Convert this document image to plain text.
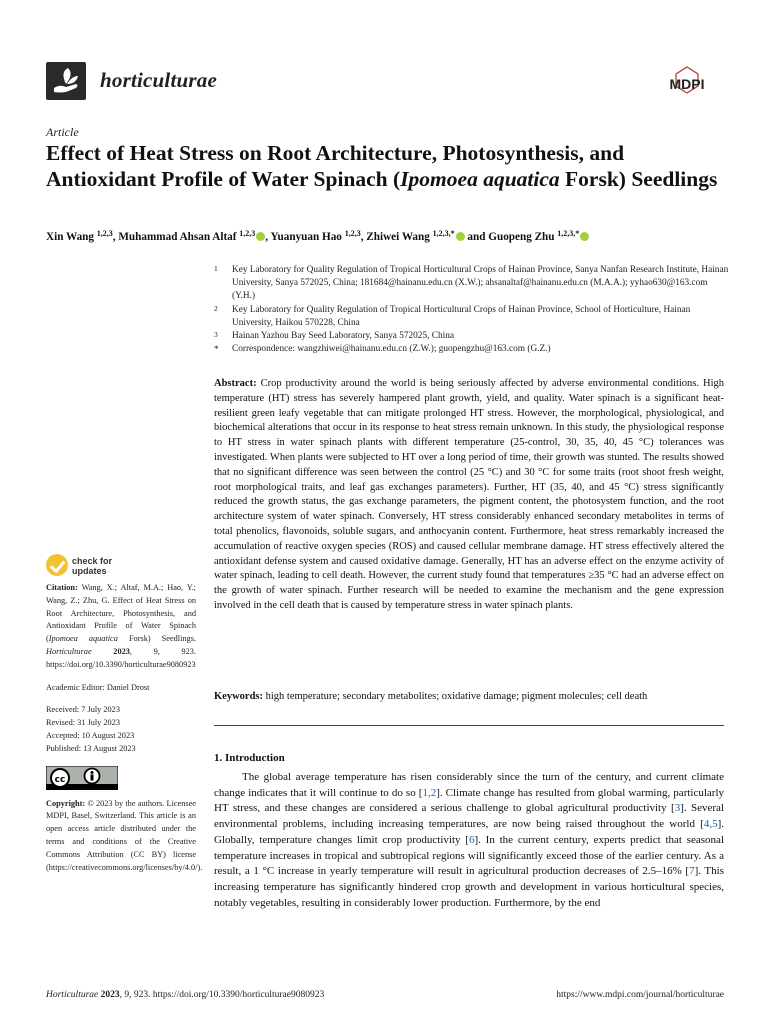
horticulturae	MDPI
Article
Effect of Heat Stress on Root Architecture, Photosynthesis, and Antioxidant Profile of Water Spinach (Ipomoea aquatica Forsk) Seedlings
Xin Wang $^{1,2,3}$, Muhammad Ahsan Altaf $^{1,2,3}$ , Yuanyuan Hao $^{1,2,3}$, Zhiwei Wang $^{1,2,3,*}$ and Guopeng Zhu $^{1,2,3,*}$
1 Key Laboratory for Quality Regulation of Tropical Horticultural Crops of Hainan Province, Sanya Nanfan Research Institute, Hainan University, Sanya 572025, China; 181684@hainanu.edu.cn (X.W.); ahsanaltaf@hainanu.edu.cn (M.A.A.); yyhao630@163.com (Y.H.)
2 Key Laboratory for Quality Regulation of Tropical Horticultural Crops of Hainan Province, School of Horticulture, Hainan University, Haikou 570228, China
3 Hainan Yazhou Bay Seed Laboratory, Sanya 572025, China
* Correspondence: wangzhiwei@hainanu.edu.cn (Z.W.); guopengzhu@163.com (G.Z.)
Abstract: Crop productivity around the world is being seriously affected by adverse environmental conditions. High temperature (HT) stress has severely hampered plant growth, yield, and quality. Water spinach is a significant heat-resilient green leafy vegetable that can mitigate prolonged HT stress. However, the morphological, physiological, and biochemical alterations that occur in its response to heat stress remain unknown. In this study, the physiological response to HT stress in water spinach plants with different temperature (25-control, 30, 35, 40, 45 °C) tolerances was investigated. When plants were subjected to HT over a long period of time, their growth was stunted. The results showed that no significant difference was seen between the control (25 °C) and 30 °C for some traits (root shoot fresh weight, root morphological traits, and leaf gas exchanges parameters). Further, HT (35, 40, and 45 °C) stress significantly reduced the growth status, the gas exchange parameters, the pigment content, the photosystem function, and the root architecture system of water spinach. Conversely, HT stress considerably enhanced secondary metabolites in terms of total phenolics, flavonoids, soluble sugars, and anthocyanin content. Furthermore, heat stress remarkably increased the accumulation of reactive oxygen species (ROS) and caused cellular membrane damage. HT stress effectively altered the antioxidant defense system and caused oxidative damage. Generally, HT has an adverse effect on the enzyme activity of water spinach, leading to cell death. However, the current study found that temperatures ≥35 °C had an adverse effect on the growth of water spinach. Further research will be needed to examine the mechanism and the gene expression involved in the cell death that is caused by temperature stress in water spinach plants.
Keywords: high temperature; secondary metabolites; oxidative damage; pigment molecules; cell death
1. Introduction

The global average temperature has risen considerably since the turn of the century, and current climate change indicates that it will continue to do so [1,2]. Climate change has resulted from global warming, particularly HT stress, and these changes are considered a serious challenge to global agricultural productivity [3]. Several environmental problems, including increasing temperatures, are now being raised throughout the world [4,5]. Globally, temperature changes limit crop productivity [6]. In the current century, experts predict that seasonal temperature increases in tropical and subtropical regions will significantly exceed those of the earlier century. As a result, a 1 °C increase in yearly temperature will result in agricultural production decreases of 2.5–16% [7]. This increasing temperature has significantly hindered crop growth and development in various horticultural species, notably vegetables, resulting in considerably lower production. Furthermore, by the end

check for
updates
Citation: Wang, X.; Altaf, M.A.; Hao, Y.; Wang, Z.; Zhu, G. Effect of Heat Stress on Root Architecture, Photosynthesis, and Antioxidant Profile of Water Spinach (Ipomoea aquatica Forsk) Seedlings. Horticulturae	2023, 9, 923. https://doi.org/10.3390/horticulturae9080923
Academic Editor: Daniel Drost
Received: 7 July 2023
Revised: 31 July 2023
Accepted: 10 August 2023
Published: 13 August 2023
cc
Copyright: © 2023 by the authors. Licensee MDPI, Basel, Switzerland. This article is an open access article distributed under the terms and conditions of the Creative Commons Attribution (CC BY) license (https://creativecommons.org/licenses/by/4.0/).
Horticulturae 2023, 9, 923. https://doi.org/10.3390/horticulturae9080923	https://www.mdpi.com/journal/horticulturae
